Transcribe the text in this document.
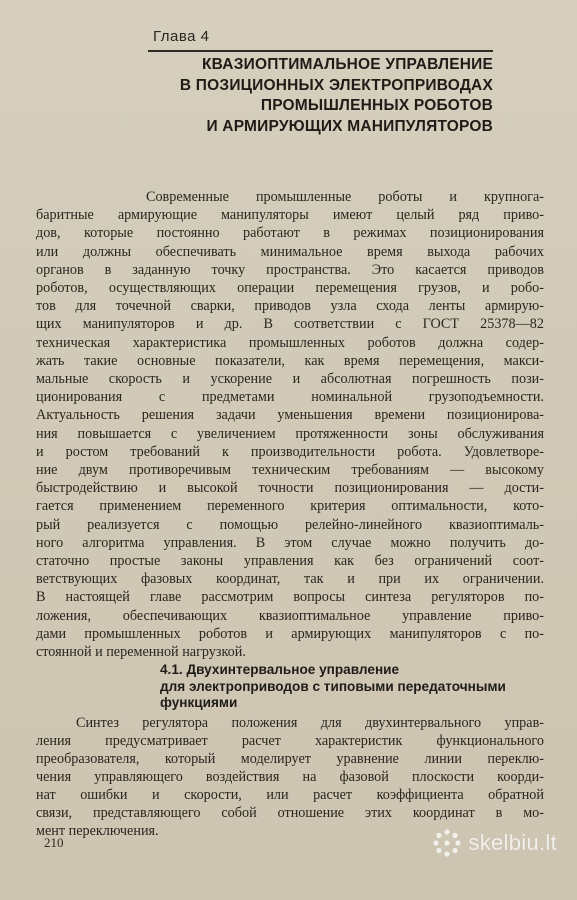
Глава 4
КВАЗИОПТИМАЛЬНОЕ УПРАВЛЕНИЕ
В ПОЗИЦИОННЫХ ЭЛЕКТРОПРИВОДАХ
ПРОМЫШЛЕННЫХ РОБОТОВ
И АРМИРУЮЩИХ МАНИПУЛЯТОРОВ
Современные промышленные роботы и крупнога-
баритные армирующие манипуляторы имеют целый ряд приво-
дов, которые постоянно работают в режимах позиционирования
или должны обеспечивать минимальное время выхода рабочих
органов в заданную точку пространства. Это касается приводов
роботов, осуществляющих операции перемещения грузов, и робо-
тов для точечной сварки, приводов узла схода ленты армирую-
щих манипуляторов и др. В соответствии с ГОСТ 25378—82
техническая характеристика промышленных роботов должна содер-
жать такие основные показатели, как время перемещения, макси-
мальные скорость и ускорение и абсолютная погрешность пози-
ционирования с предметами номинальной грузоподъемности.
Актуальность решения задачи уменьшения времени позиционирова-
ния повышается с увеличением протяженности зоны обслуживания
и ростом требований к производительности робота. Удовлетворе-
ние двум противоречивым техническим требованиям — высокому
быстродействию и высокой точности позиционирования — дости-
гается применением переменного критерия оптимальности, кото-
рый реализуется с помощью релейно-линейного квазиоптималь-
ного алгоритма управления. В этом случае можно получить до-
статочно простые законы управления как без ограничений соот-
ветствующих фазовых координат, так и при их ограничении.
В настоящей главе рассмотрим вопросы синтеза регуляторов по-
ложения, обеспечивающих квазиоптимальное управление приво-
дами промышленных роботов и армирующих манипуляторов с по-
стоянной и переменной нагрузкой.
4.1. Двухинтервальное управление
для электроприводов с типовыми передаточными
функциями
Синтез регулятора положения для двухинтервального управ-
ления предусматривает расчет характеристик функционального
преобразователя, который моделирует уравнение линии переклю-
чения управляющего воздействия на фазовой плоскости коорди-
нат ошибки и скорости, или расчет коэффициента обратной
связи, представляющего собой отношение этих координат в мо-
мент переключения.
210	skelbiu.lt
